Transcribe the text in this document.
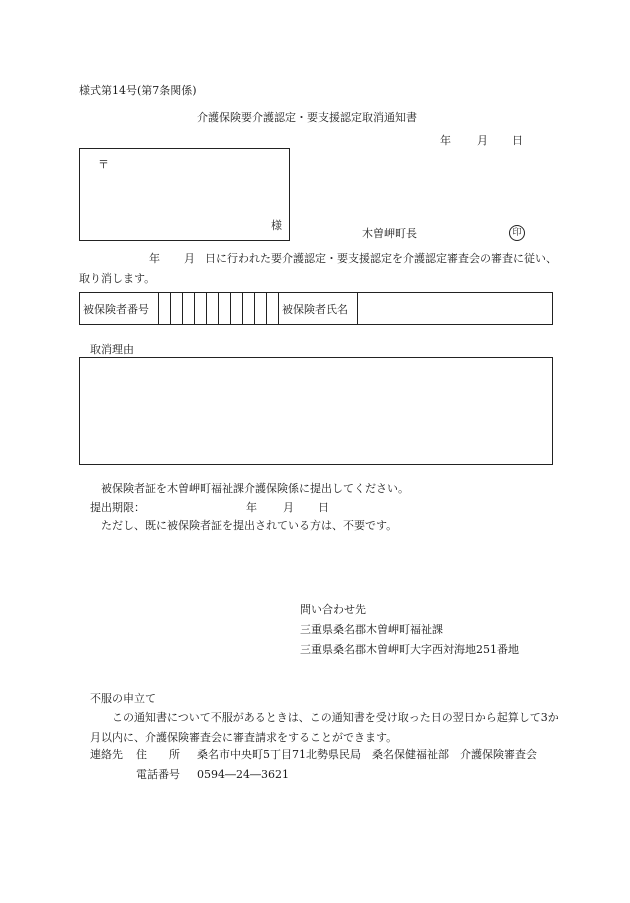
様式第14号(第7条関係)
介護保険要介護認定・要支援認定取消通知書
年 月 日
〒
様
木曽岬町長	印
年 月 日に行われた要介護認定・要支援認定を介護認定審査会の審査に従い、取り消します。
被保険者番号											被保険者氏名	
取消理由
被保険者証を木曽岬町福祉課介護保険係に提出してください。
提出期限：	年 月 日
ただし、既に被保険者証を提出されている方は、不要です。
問い合わせ先
三重県桑名郡木曽岬町福祉課
三重県桑名郡木曽岬町大字西対海地251番地
不服の申立て
この通知書について不服があるときは、この通知書を受け取った日の翌日から起算して3か月以内に、介護保険審査会に審査請求をすることができます。
連絡先 住　　所 桑名市中央町5丁目71北勢県民局　桑名保健福祉部　介護保険審査会
電話番号 0594―24―3621
